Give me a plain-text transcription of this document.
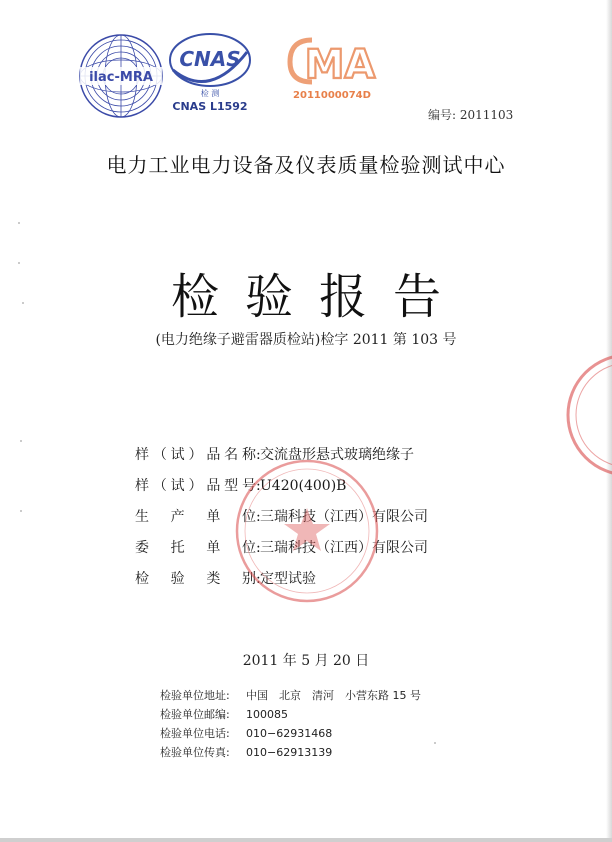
ilac-MRA
CNAS
检 测
CNAS L1592
MA
2011000074D
编号: 2011103
电力工业电力设备及仪表质量检验测试中心
检验报告
(电力绝缘子避雷器质检站)检字 2011 第 103 号
样（试）品名称:交流盘形悬式玻璃绝缘子
样（试）品型号:U420(400)B
生 产 单 位:三瑞科技（江西）有限公司
委 托 单 位:三瑞科技（江西）有限公司
检 验 类 别:定型试验
2011 年 5 月 20 日
检验单位地址: 中国　北京　清河　小营东路 15 号
检验单位邮编: 100085
检验单位电话: 010−62931468
检验单位传真: 010−62913139
